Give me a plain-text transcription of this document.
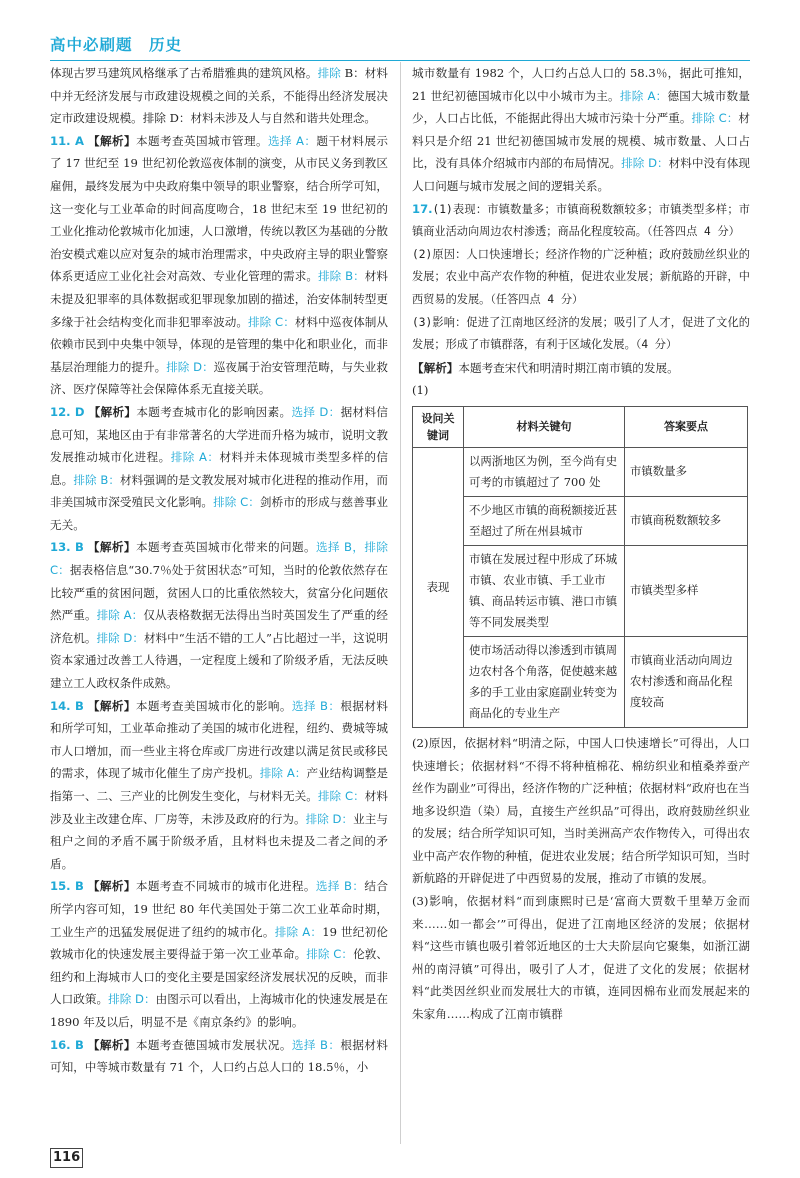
高中必刷题　历史

体现古罗马建筑风格继承了古希腊雅典的建筑风格。排除 B：材料中并无经济发展与市政建设规模之间的关系，不能得出经济发展决定市政建设规模。排除 D：材料未涉及人与自然和谐共处理念。

11. A 【解析】本题考查英国城市管理。选择 A：题干材料展示了 17 世纪至 19 世纪初伦敦巡夜体制的演变，从市民义务到教区雇佣，最终发展为中央政府集中领导的职业警察，结合所学可知，这一变化与工业革命的时间高度吻合，18 世纪末至 19 世纪初的工业化推动伦敦城市化加速，人口激增，传统以教区为基础的分散治安模式难以应对复杂的城市治理需求，中央政府主导的职业警察体系更适应工业化社会对高效、专业化管理的需求。排除 B：材料未提及犯罪率的具体数据或犯罪现象加剧的描述，治安体制转型更多缘于社会结构变化而非犯罪率波动。排除 C：材料中巡夜体制从依赖市民到中央集中领导，体现的是管理的集中化和职业化，而非基层治理能力的提升。排除 D：巡夜属于治安管理范畴，与失业救济、医疗保障等社会保障体系无直接关联。

12. D 【解析】本题考查城市化的影响因素。选择 D：据材料信息可知，某地区由于有非常著名的大学进而升格为城市，说明文教发展推动城市化进程。排除 A：材料并未体现城市类型多样的信息。排除 B：材料强调的是文教发展对城市化进程的推动作用，而非美国城市深受殖民文化影响。排除 C：剑桥市的形成与慈善事业无关。

13. B 【解析】本题考查英国城市化带来的问题。选择 B，排除 C：据表格信息“30.7％处于贫困状态”可知，当时的伦敦依然存在比较严重的贫困问题，贫困人口的比重依然较大，贫富分化问题依然严重。排除 A：仅从表格数据无法得出当时英国发生了严重的经济危机。排除 D：材料中“生活不错的工人”占比超过一半，这说明资本家通过改善工人待遇，一定程度上缓和了阶级矛盾，无法反映建立工人政权条件成熟。

14. B 【解析】本题考查美国城市化的影响。选择 B：根据材料和所学可知，工业革命推动了美国的城市化进程，纽约、费城等城市人口增加，而一些业主将仓库或厂房进行改建以满足贫民或移民的需求，体现了城市化催生了房产投机。排除 A：产业结构调整是指第一、二、三产业的比例发生变化，与材料无关。排除 C：材料涉及业主改建仓库、厂房等，未涉及政府的行为。排除 D：业主与租户之间的矛盾不属于阶级矛盾，且材料也未提及二者之间的矛盾。

15. B 【解析】本题考查不同城市的城市化进程。选择 B：结合所学内容可知，19 世纪 80 年代美国处于第二次工业革命时期，工业生产的迅猛发展促进了纽约的城市化。排除 A：19 世纪初伦敦城市化的快速发展主要得益于第一次工业革命。排除 C：伦敦、纽约和上海城市人口的变化主要是国家经济发展状况的反映，而非人口政策。排除 D：由图示可以看出，上海城市化的快速发展是在 1890 年及以后，明显不是《南京条约》的影响。

16. B 【解析】本题考查德国城市发展状况。选择 B：根据材料可知，中等城市数量有 71 个，人口约占总人口的 18.5％，小

城市数量有 1982 个，人口约占总人口的 58.3％，据此可推知，21 世纪初德国城市化以中小城市为主。排除 A：德国大城市数量少，人口占比低，不能据此得出大城市污染十分严重。排除 C：材料只是介绍 21 世纪初德国城市发展的规模、城市数量、人口占比，没有具体介绍城市内部的布局情况。排除 D：材料中没有体现人口问题与城市发展之间的逻辑关系。

17.(1)表现：市镇数量多；市镇商税数额较多；市镇类型多样；市镇商业活动向周边农村渗透；商品化程度较高。（任答四点 4 分）

(2)原因：人口快速增长；经济作物的广泛种植；政府鼓励丝织业的发展；农业中高产农作物的种植，促进农业发展；新航路的开辟，中西贸易的发展。（任答四点 4 分）

(3)影响：促进了江南地区经济的发展；吸引了人才，促进了文化的发展；形成了市镇群落，有利于区域化发展。（4 分）

【解析】本题考查宋代和明清时期江南市镇的发展。

(1)

设问关键词	材料关键句	答案要点
表现	以两浙地区为例，至今尚有史可考的市镇超过了 700 处	市镇数量多
	不少地区市镇的商税额接近甚至超过了所在州县城市	市镇商税数额较多
	市镇在发展过程中形成了环城市镇、农业市镇、手工业市镇、商品转运市镇、港口市镇等不同发展类型	市镇类型多样
	使市场活动得以渗透到市镇周边农村各个角落，促使越来越多的手工业由家庭副业转变为商品化的专业生产	市镇商业活动向周边农村渗透和商品化程度较高

(2)原因，依据材料“明清之际，中国人口快速增长”可得出，人口快速增长；依据材料“不得不将种植棉花、棉纺织业和植桑养蚕产丝作为副业”可得出，经济作物的广泛种植；依据材料“政府也在当地多设织造（染）局，直接生产丝织品”可得出，政府鼓励丝织业的发展；结合所学知识可知，当时美洲高产农作物传入，可得出农业中高产农作物的种植，促进农业发展；结合所学知识可知，当时新航路的开辟促进了中西贸易的发展，推动了市镇的发展。

(3)影响，依据材料“而到康熙时已是‘富商大贾数千里辇万金而来……如一都会’”可得出，促进了江南地区经济的发展；依据材料“这些市镇也吸引着邻近地区的士大夫阶层向它聚集，如浙江湖州的南浔镇”可得出，吸引了人才，促进了文化的发展；依据材料“此类因丝织业而发展壮大的市镇，连同因棉布业而发展起来的朱家角……构成了江南市镇群

116
